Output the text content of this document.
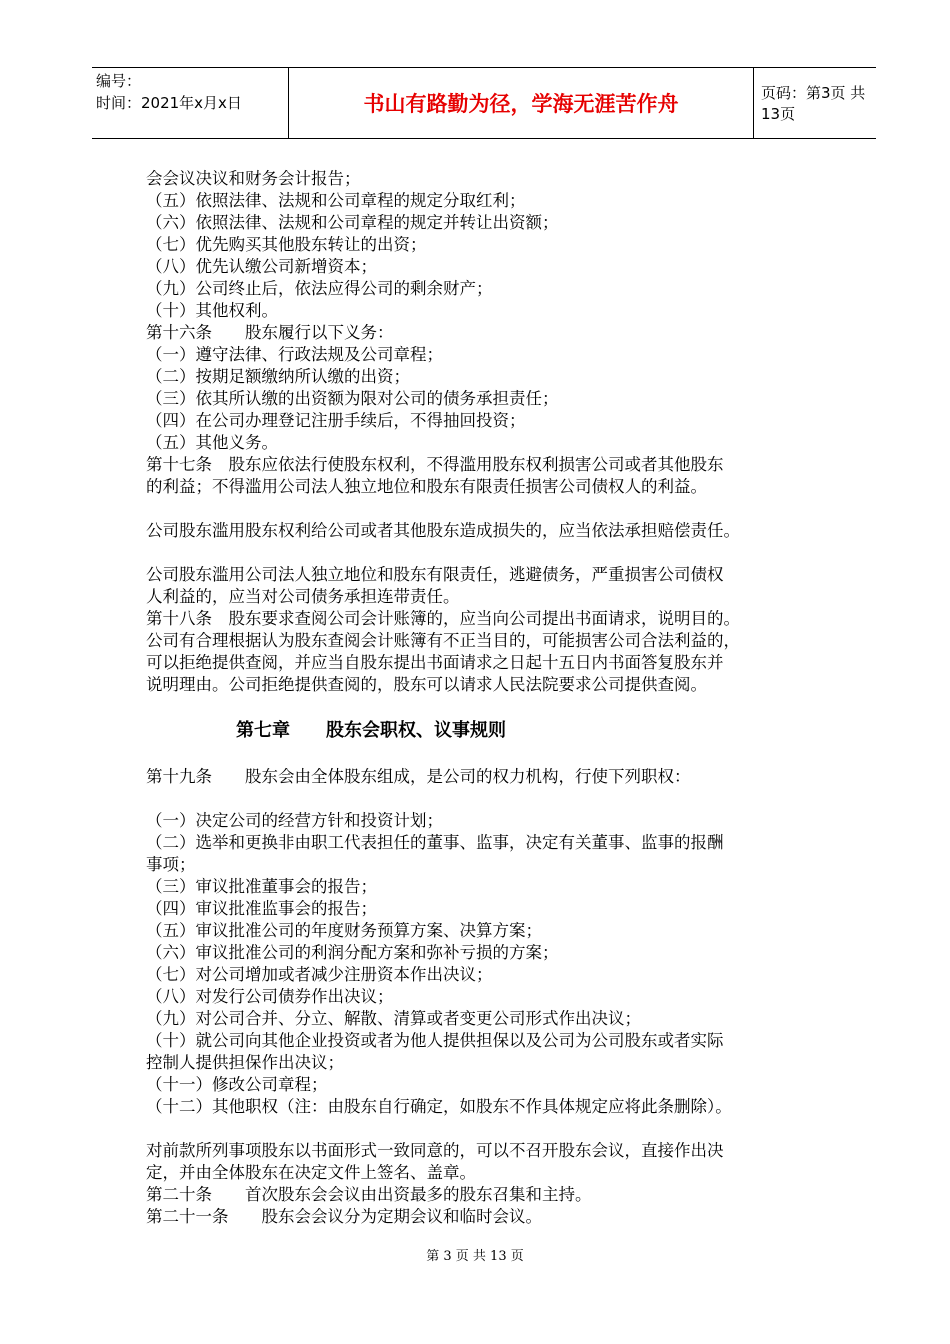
编号：
时间：2021年x月x日	书山有路勤为径，学海无涯苦作舟	页码：第3页 共13页
会会议决议和财务会计报告；
（五）依照法律、法规和公司章程的规定分取红利；
（六）依照法律、法规和公司章程的规定并转让出资额；
（七）优先购买其他股东转让的出资；
（八）优先认缴公司新增资本；
（九）公司终止后，依法应得公司的剩余财产；
（十）其他权利。
第十六条　　股东履行以下义务：
（一）遵守法律、行政法规及公司章程；
（二）按期足额缴纳所认缴的出资；
（三）依其所认缴的出资额为限对公司的债务承担责任；
（四）在公司办理登记注册手续后，不得抽回投资；
（五）其他义务。
第十七条　股东应依法行使股东权利，不得滥用股东权利损害公司或者其他股东
的利益；不得滥用公司法人独立地位和股东有限责任损害公司债权人的利益。
公司股东滥用股东权利给公司或者其他股东造成损失的，应当依法承担赔偿责任。
公司股东滥用公司法人独立地位和股东有限责任，逃避债务，严重损害公司债权
人利益的，应当对公司债务承担连带责任。
第十八条　股东要求查阅公司会计账簿的，应当向公司提出书面请求，说明目的。
公司有合理根据认为股东查阅会计账簿有不正当目的，可能损害公司合法利益的，
可以拒绝提供查阅，并应当自股东提出书面请求之日起十五日内书面答复股东并
说明理由。公司拒绝提供查阅的，股东可以请求人民法院要求公司提供查阅。
第七章　　股东会职权、议事规则
第十九条　　股东会由全体股东组成，是公司的权力机构，行使下列职权：
（一）决定公司的经营方针和投资计划；
（二）选举和更换非由职工代表担任的董事、监事，决定有关董事、监事的报酬
事项；
（三）审议批准董事会的报告；
（四）审议批准监事会的报告；
（五）审议批准公司的年度财务预算方案、决算方案；
（六）审议批准公司的利润分配方案和弥补亏损的方案；
（七）对公司增加或者减少注册资本作出决议；
（八）对发行公司债券作出决议；
（九）对公司合并、分立、解散、清算或者变更公司形式作出决议；
（十）就公司向其他企业投资或者为他人提供担保以及公司为公司股东或者实际
控制人提供担保作出决议；
（十一）修改公司章程；
（十二）其他职权（注：由股东自行确定，如股东不作具体规定应将此条删除）。
对前款所列事项股东以书面形式一致同意的，可以不召开股东会议，直接作出决
定，并由全体股东在决定文件上签名、盖章。
第二十条　　首次股东会会议由出资最多的股东召集和主持。
第二十一条　　股东会会议分为定期会议和临时会议。
第 3 页 共 13 页
